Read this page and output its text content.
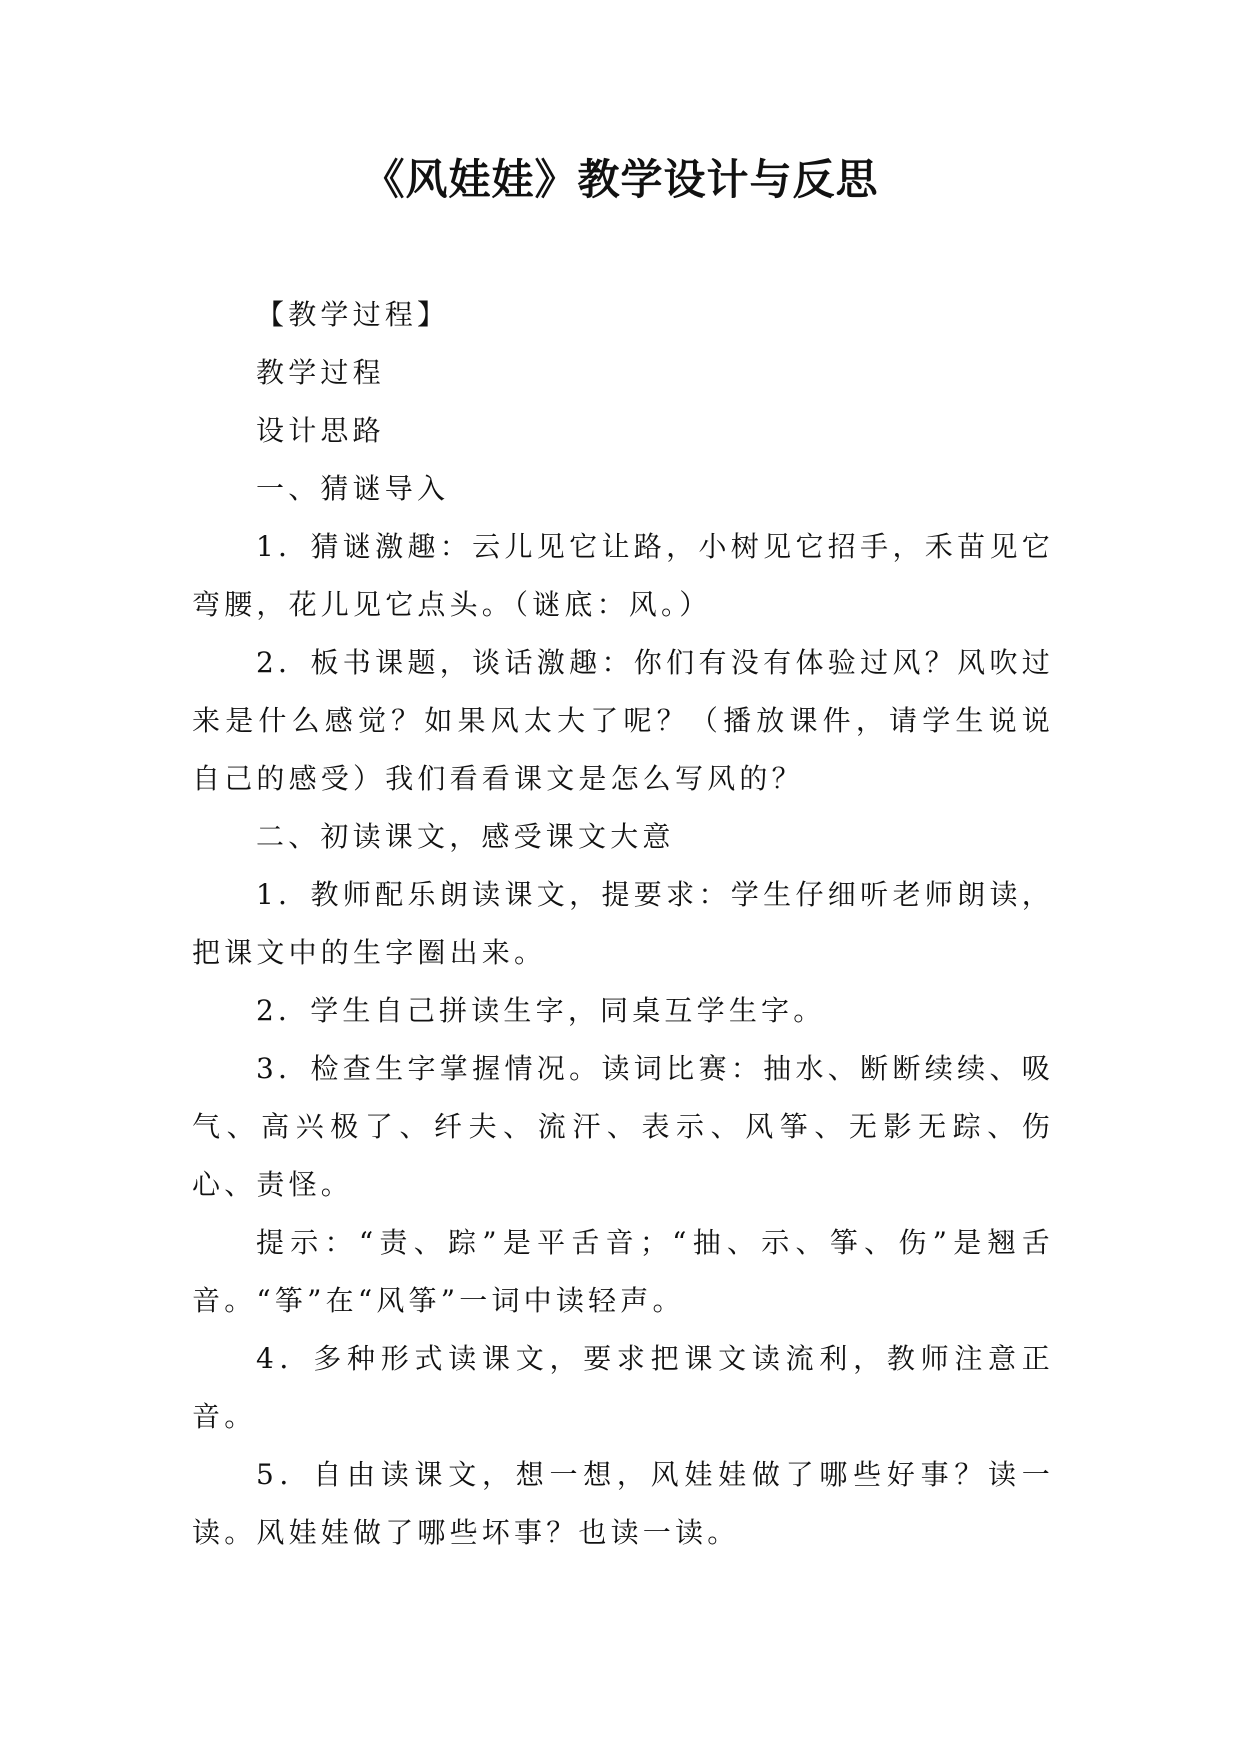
《风娃娃》教学设计与反思

【教学过程】

教学过程

设计思路

一、猜谜导入

1．猜谜激趣：云儿见它让路，小树见它招手，禾苗见它弯腰，花儿见它点头。（谜底：风。）

2．板书课题，谈话激趣：你们有没有体验过风？风吹过来是什么感觉？如果风太大了呢？（播放课件，请学生说说自己的感受）我们看看课文是怎么写风的？

二、初读课文，感受课文大意

1．教师配乐朗读课文，提要求：学生仔细听老师朗读，把课文中的生字圈出来。

2．学生自己拼读生字，同桌互学生字。

3．检查生字掌握情况。读词比赛：抽水、断断续续、吸气、高兴极了、纤夫、流汗、表示、风筝、无影无踪、伤心、责怪。

提示：“责、踪”是平舌音；“抽、示、筝、伤”是翘舌音。“筝”在“风筝”一词中读轻声。

4．多种形式读课文，要求把课文读流利，教师注意正音。

5．自由读课文，想一想，风娃娃做了哪些好事？读一读。风娃娃做了哪些坏事？也读一读。
